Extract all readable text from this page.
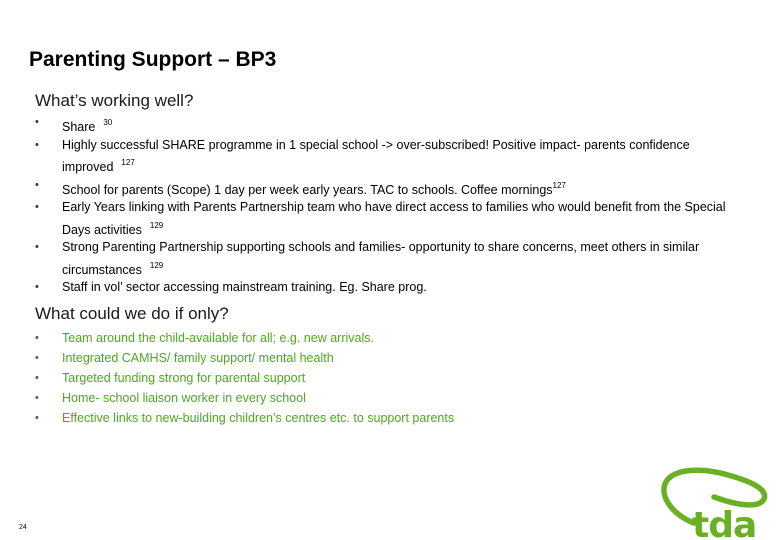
Parenting Support – BP3
What’s working well?
• Share $^{30}$
• Highly successful SHARE programme in 1 special school -> over-subscribed! Positive impact- parents confidence improved $^{127}$
• School for parents (Scope) 1 day per week early years. TAC to schools. Coffee mornings$^{127}$
• Early Years linking with Parents Partnership team who have direct access to families who would benefit from the Special Days activities $^{129}$
• Strong Parenting Partnership supporting schools and families- opportunity to share concerns, meet others in similar circumstances $^{129}$
• Staff in vol’ sector accessing mainstream training. Eg. Share prog.
What could we do if only?
• Team around the child-available for all; e.g. new arrivals.
• Integrated CAMHS/ family support/ mental health
• Targeted funding strong for parental support
• Home- school liaison worker in every school
• Effective links to new-building children’s centres etc. to support parents
24	tda
